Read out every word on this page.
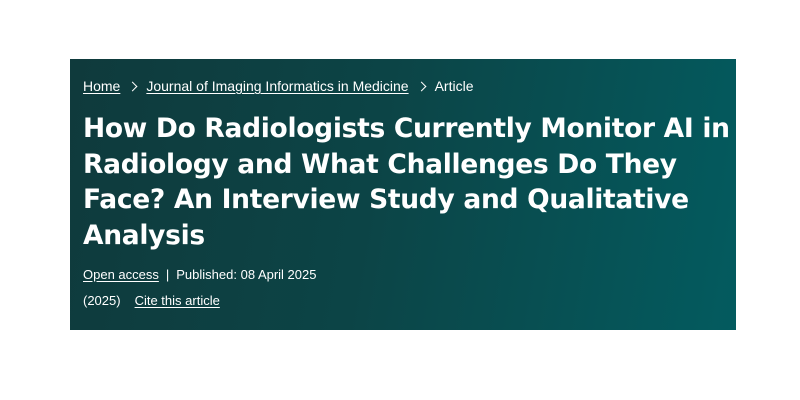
Home Journal of Imaging Informatics in Medicine Article
How Do Radiologists Currently Monitor AI in Radiology and What Challenges Do They Face? An Interview Study and Qualitative Analysis
Open access | Published: 08 April 2025
(2025) Cite this article
